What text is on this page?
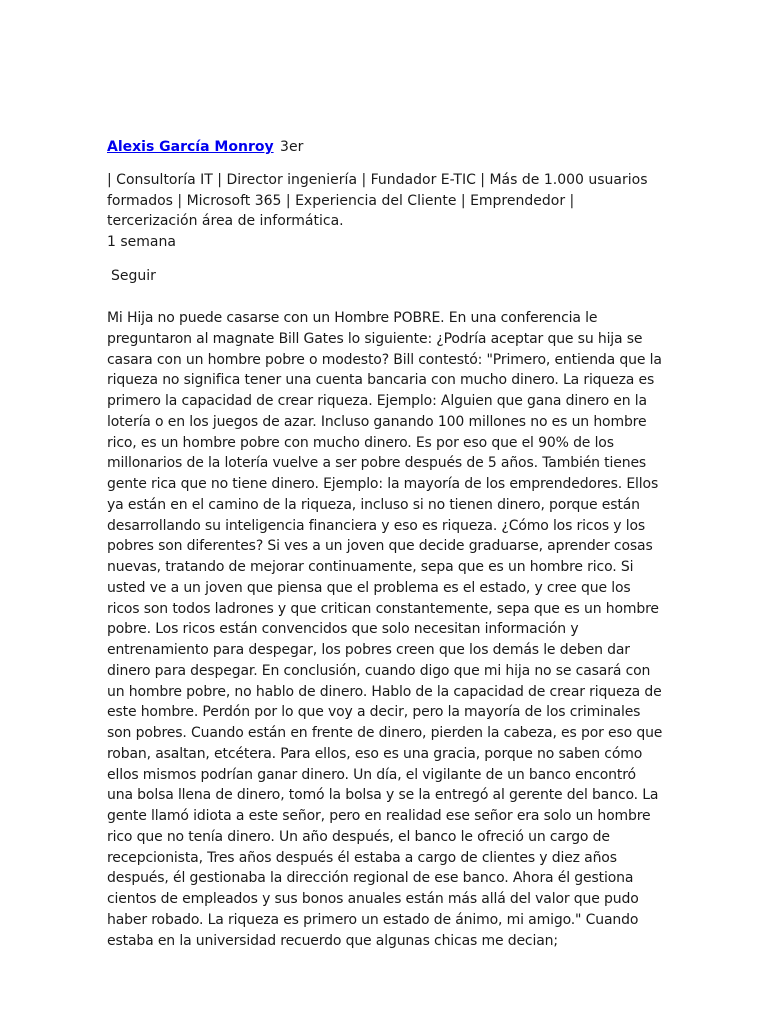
Alexis García Monroy 3er

| Consultoría IT | Director ingeniería | Fundador E-TIC | Más de 1.000 usuarios formados | Microsoft 365 | Experiencia del Cliente | Emprendedor | tercerización área de informática.

1 semana
Seguir

Mi Hija no puede casarse con un Hombre POBRE. En una conferencia le preguntaron al magnate Bill Gates lo siguiente: ¿Podría aceptar que su hija se casara con un hombre pobre o modesto? Bill contestó: "Primero, entienda que la riqueza no significa tener una cuenta bancaria con mucho dinero. La riqueza es primero la capacidad de crear riqueza. Ejemplo: Alguien que gana dinero en la lotería o en los juegos de azar. Incluso ganando 100 millones no es un hombre rico, es un hombre pobre con mucho dinero. Es por eso que el 90% de los millonarios de la lotería vuelve a ser pobre después de 5 años. También tienes gente rica que no tiene dinero. Ejemplo: la mayoría de los emprendedores. Ellos ya están en el camino de la riqueza, incluso si no tienen dinero, porque están desarrollando su inteligencia financiera y eso es riqueza. ¿Cómo los ricos y los pobres son diferentes? Si ves a un joven que decide graduarse, aprender cosas nuevas, tratando de mejorar continuamente, sepa que es un hombre rico. Si usted ve a un joven que piensa que el problema es el estado, y cree que los ricos son todos ladrones y que critican constantemente, sepa que es un hombre pobre. Los ricos están convencidos que solo necesitan información y entrenamiento para despegar, los pobres creen que los demás le deben dar dinero para despegar. En conclusión, cuando digo que mi hija no se casará con un hombre pobre, no hablo de dinero. Hablo de la capacidad de crear riqueza de este hombre. Perdón por lo que voy a decir, pero la mayoría de los criminales son pobres. Cuando están en frente de dinero, pierden la cabeza, es por eso que roban, asaltan, etcétera. Para ellos, eso es una gracia, porque no saben cómo ellos mismos podrían ganar dinero. Un día, el vigilante de un banco encontró una bolsa llena de dinero, tomó la bolsa y se la entregó al gerente del banco. La gente llamó idiota a este señor, pero en realidad ese señor era solo un hombre rico que no tenía dinero. Un año después, el banco le ofreció un cargo de recepcionista, Tres años después él estaba a cargo de clientes y diez años después, él gestionaba la dirección regional de ese banco. Ahora él gestiona cientos de empleados y sus bonos anuales están más allá del valor que pudo haber robado. La riqueza es primero un estado de ánimo, mi amigo." Cuando estaba en la universidad recuerdo que algunas chicas me decian;
